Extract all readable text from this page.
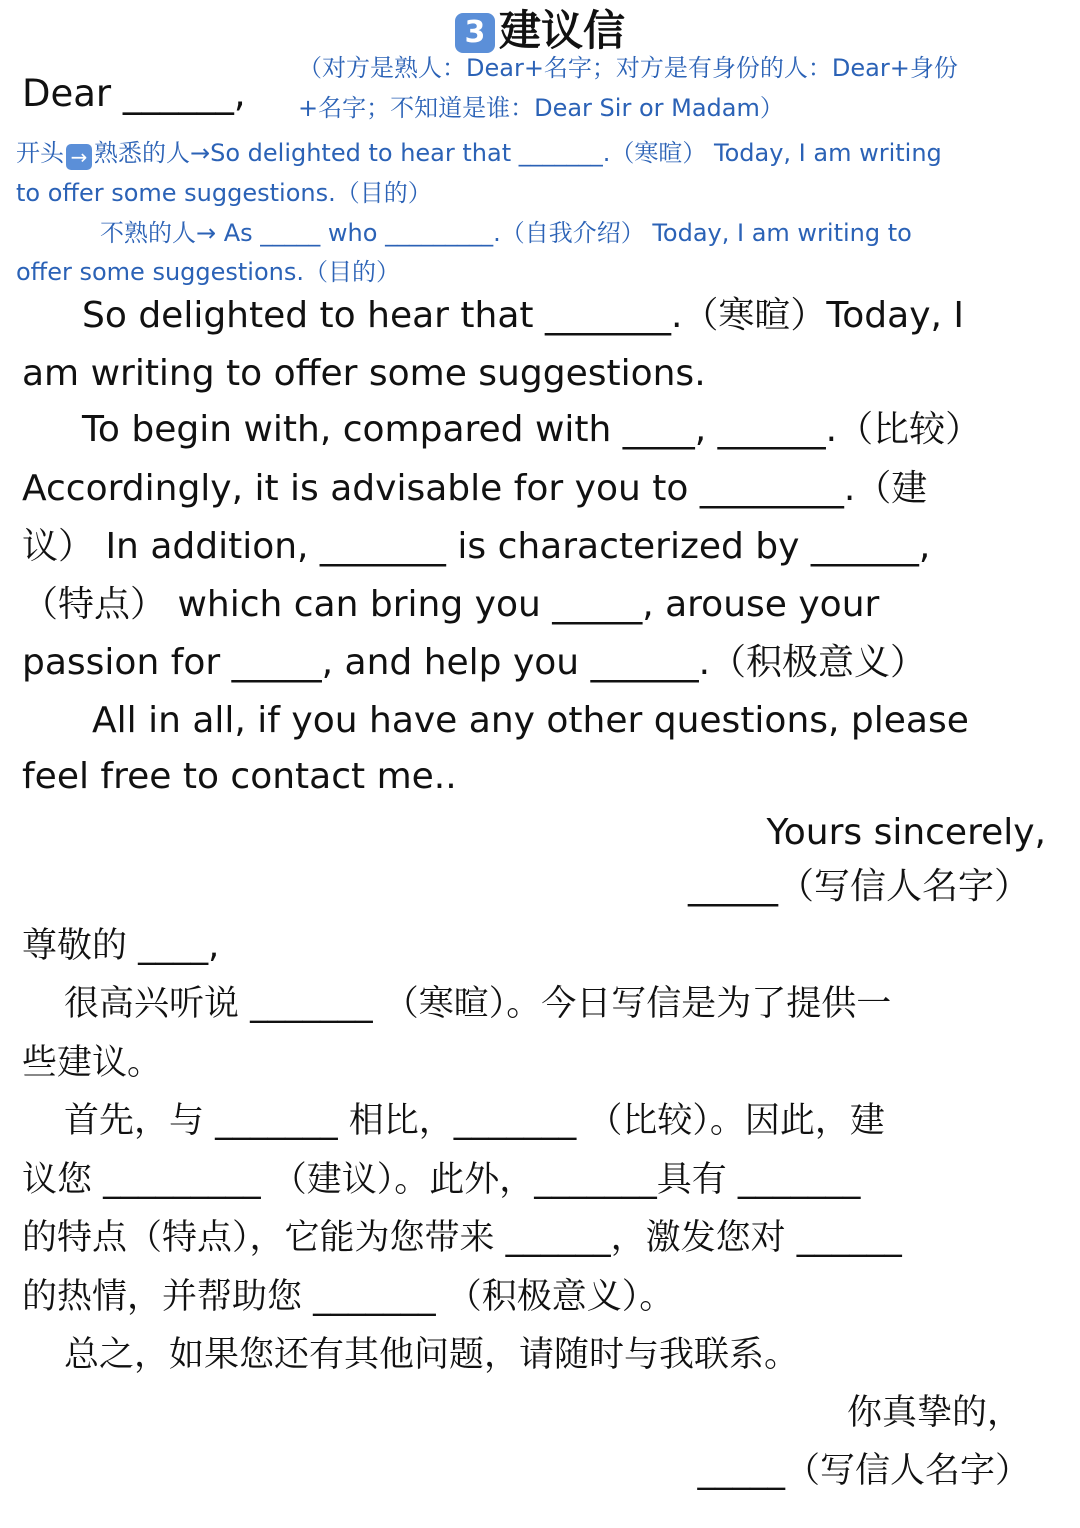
3 建议信
Dear ______,
（对方是熟人：Dear+名字；对方是有身份的人：Dear+身份
+名字；不知道是谁：Dear Sir or Madam）
开头 → 熟悉的人→So delighted to hear that _______.（寒暄） Today, I am writing
to offer some suggestions.（目的）
不熟的人→ As _____ who _________.（自我介绍） Today, I am writing to
offer some suggestions.（目的）
So delighted to hear that _______.（寒暄）Today, I
am writing to offer some suggestions.
To begin with, compared with ____, ______.（比较）
Accordingly, it is advisable for you to ________.（建
议） In addition, _______ is characterized by ______,
（特点） which can bring you _____, arouse your
passion for _____, and help you ______.（积极意义）
All in all, if you have any other questions, please
feel free to contact me..
Yours sincerely,
_____（写信人名字）
尊敬的 ____,
很高兴听说 _______ （寒暄）。今日写信是为了提供一
些建议。
首先，与 _______ 相比，_______ （比较）。因此，建
议您 _________ （建议）。此外，_______具有 _______
的特点（特点），它能为您带来 ______，激发您对 ______
的热情，并帮助您 _______ （积极意义）。
总之，如果您还有其他问题，请随时与我联系。
你真挚的，
_____（写信人名字）
